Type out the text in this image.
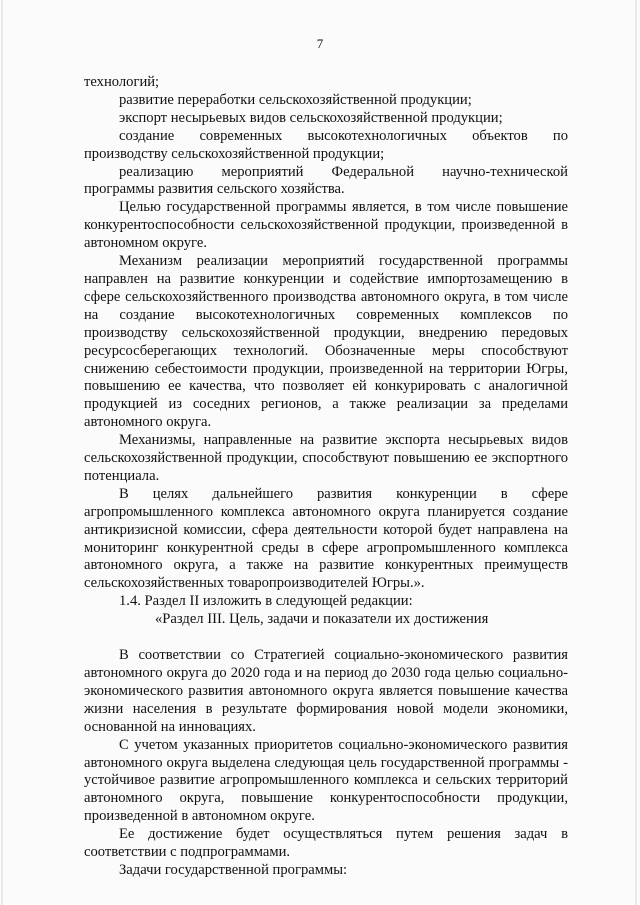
7

технологий;

развитие переработки сельскохозяйственной продукции;

экспорт несырьевых видов сельскохозяйственной продукции;

создание современных высокотехнологичных объектов по производству сельскохозяйственной продукции;

реализацию мероприятий Федеральной научно-технической программы развития сельского хозяйства.

Целью государственной программы является, в том числе повышение конкурентоспособности сельскохозяйственной продукции, произведенной в автономном округе.

Механизм реализации мероприятий государственной программы направлен на развитие конкуренции и содействие импортозамещению в сфере сельскохозяйственного производства автономного округа, в том числе на создание высокотехнологичных современных комплексов по производству сельскохозяйственной продукции, внедрению передовых ресурсосберегающих технологий. Обозначенные меры способствуют снижению себестоимости продукции, произведенной на территории Югры, повышению ее качества, что позволяет ей конкурировать с аналогичной продукцией из соседних регионов, а также реализации за пределами автономного округа.

Механизмы, направленные на развитие экспорта несырьевых видов сельскохозяйственной продукции, способствуют повышению ее экспортного потенциала.

В целях дальнейшего развития конкуренции в сфере агропромышленного комплекса автономного округа планируется создание антикризисной комиссии, сфера деятельности которой будет направлена на мониторинг конкурентной среды в сфере агропромышленного комплекса автономного округа, а также на развитие конкурентных преимуществ сельскохозяйственных товаропроизводителей Югры.».

1.4. Раздел II изложить в следующей редакции:

«Раздел III. Цель, задачи и показатели их достижения

В соответствии со Стратегией социально-экономического развития автономного округа до 2020 года и на период до 2030 года целью социально-экономического развития автономного округа является повышение качества жизни населения в результате формирования новой модели экономики, основанной на инновациях.

С учетом указанных приоритетов социально-экономического развития автономного округа выделена следующая цель государственной программы - устойчивое развитие агропромышленного комплекса и сельских территорий автономного округа, повышение конкурентоспособности продукции, произведенной в автономном округе.

Ее достижение будет осуществляться путем решения задач в соответствии с подпрограммами.

Задачи государственной программы:
